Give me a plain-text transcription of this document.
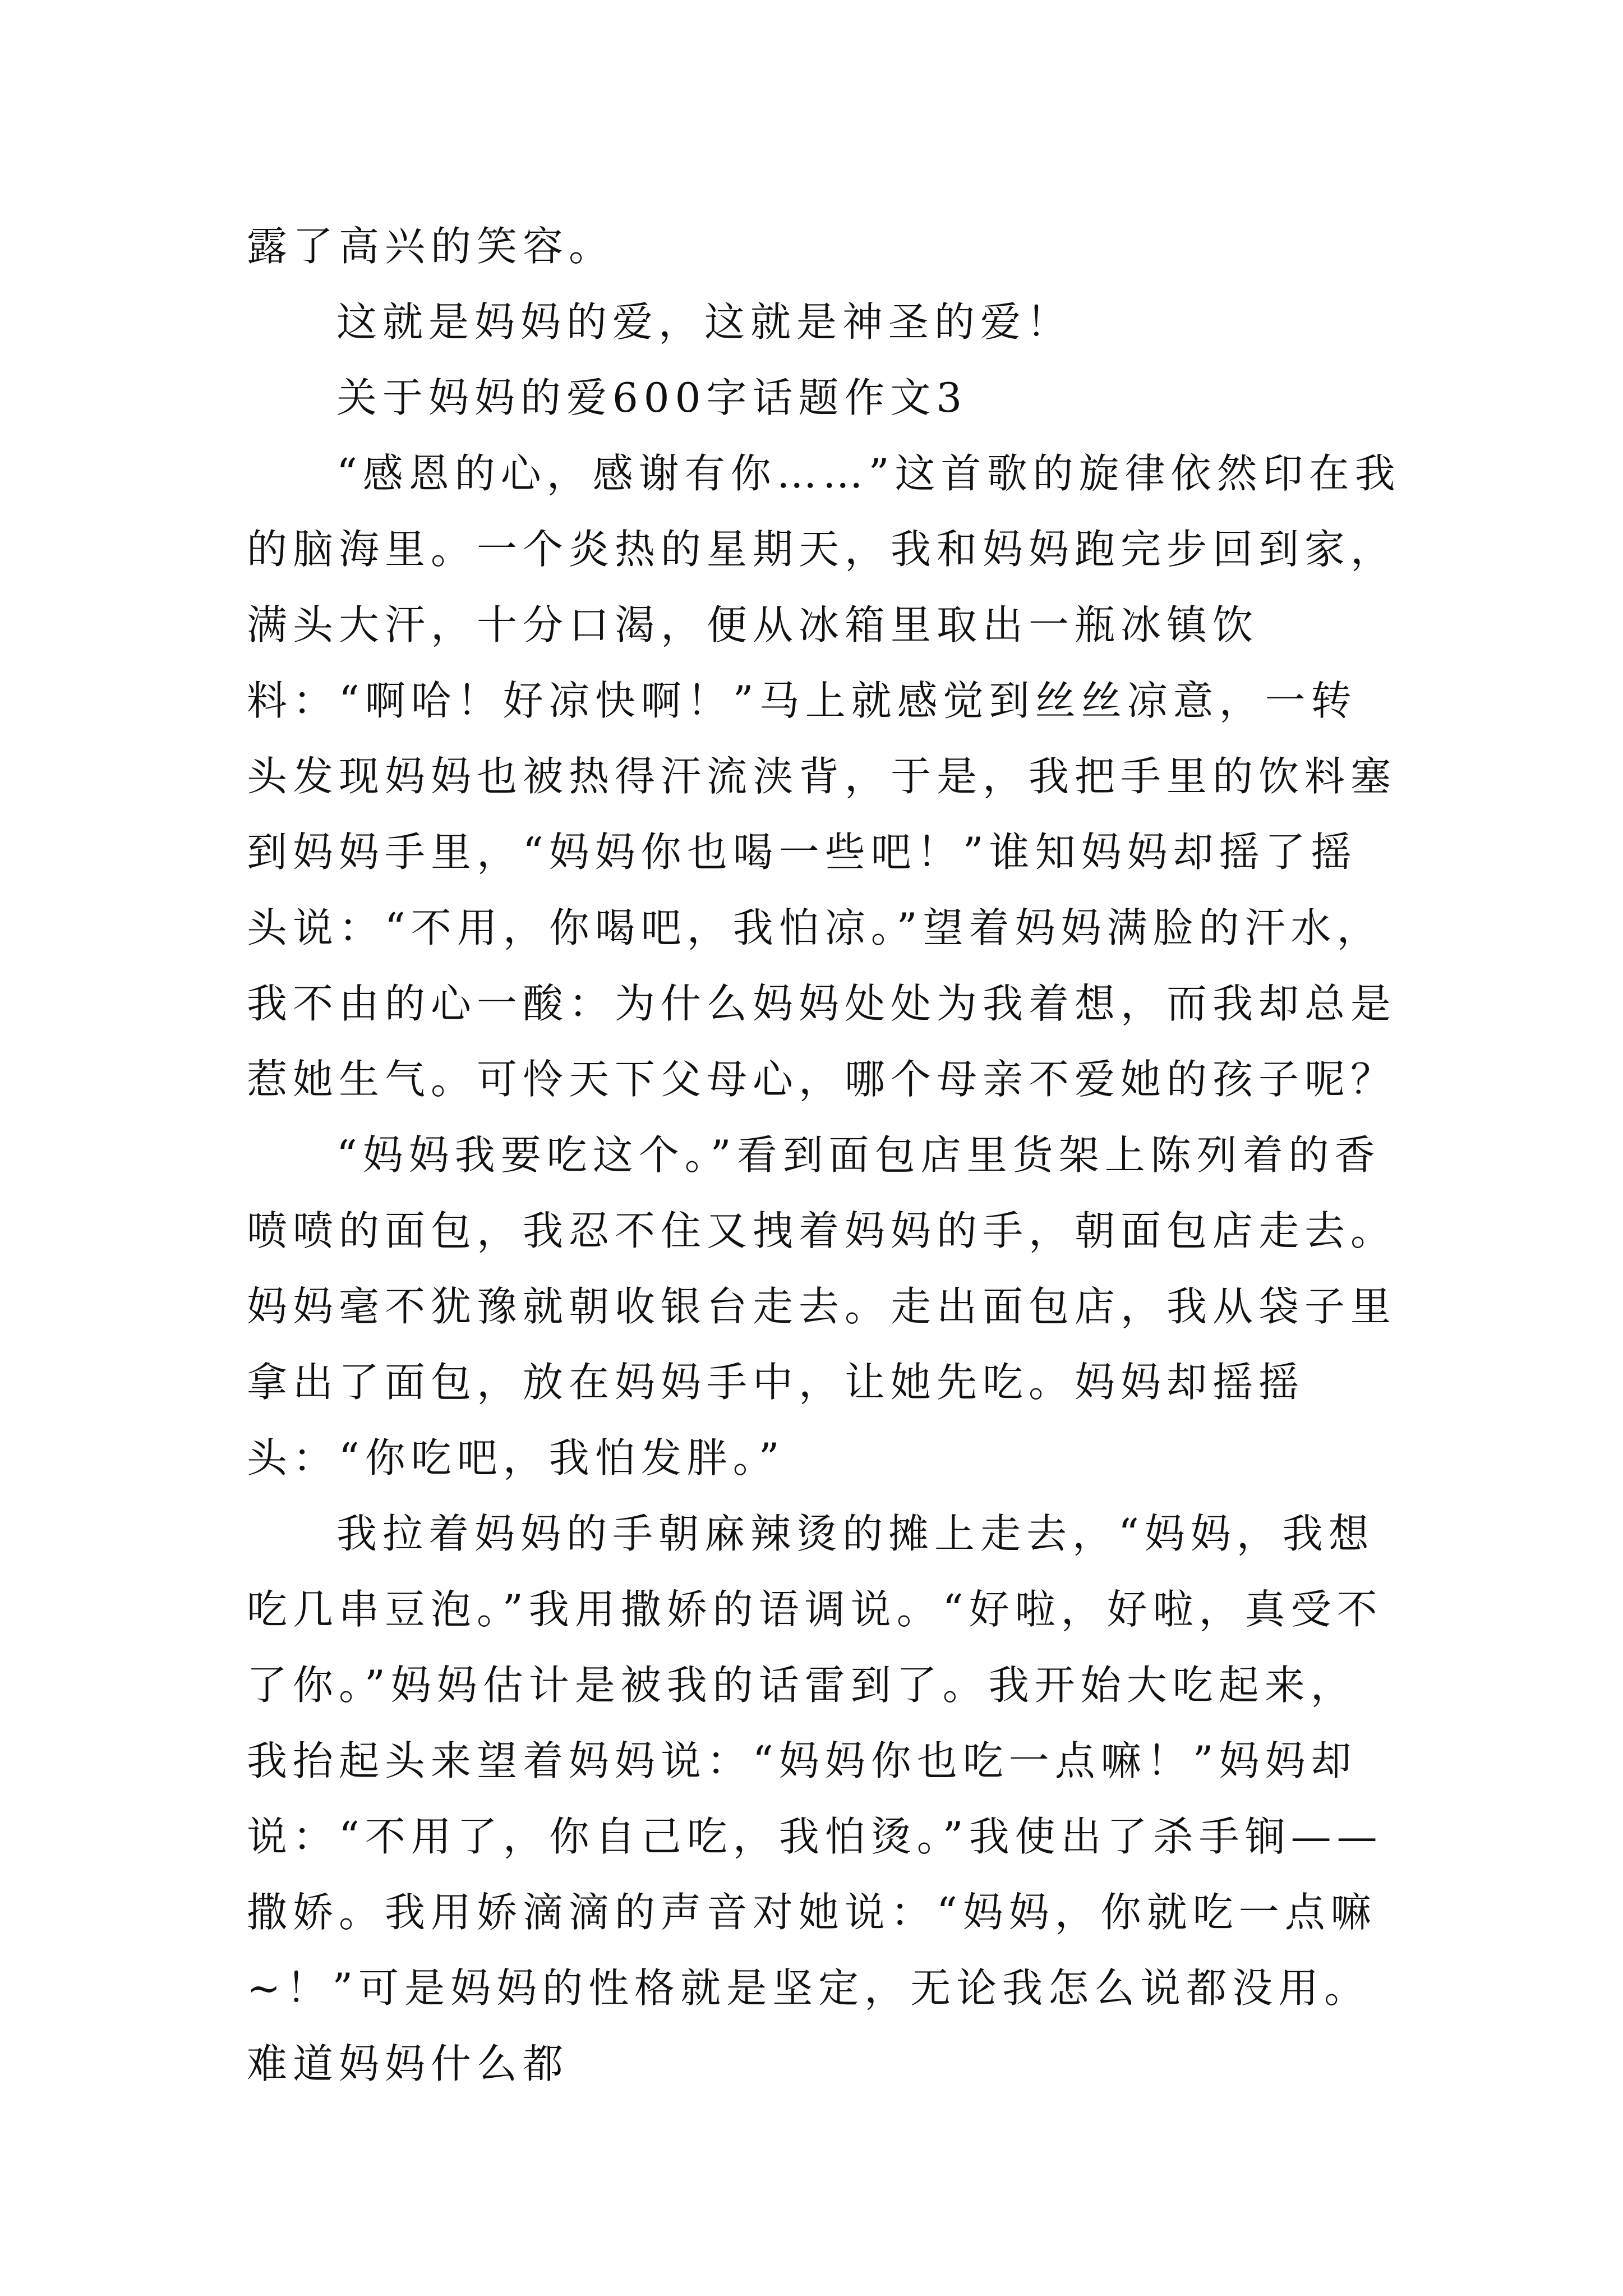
露了高兴的笑容。

这就是妈妈的爱，这就是神圣的爱！

关于妈妈的爱600字话题作文3

“感恩的心，感谢有你……”这首歌的旋律依然印在我的脑海里。一个炎热的星期天，我和妈妈跑完步回到家，满头大汗，十分口渴，便从冰箱里取出一瓶冰镇饮料：“啊哈！好凉快啊！”马上就感觉到丝丝凉意，一转头发现妈妈也被热得汗流浃背，于是，我把手里的饮料塞到妈妈手里，“妈妈你也喝一些吧！”谁知妈妈却摇了摇头说：“不用，你喝吧，我怕凉。”望着妈妈满脸的汗水，我不由的心一酸：为什么妈妈处处为我着想，而我却总是惹她生气。可怜天下父母心，哪个母亲不爱她的孩子呢？

“妈妈我要吃这个。”看到面包店里货架上陈列着的香喷喷的面包，我忍不住又拽着妈妈的手，朝面包店走去。妈妈毫不犹豫就朝收银台走去。走出面包店，我从袋子里拿出了面包，放在妈妈手中，让她先吃。妈妈却摇摇头：“你吃吧，我怕发胖。”

我拉着妈妈的手朝麻辣烫的摊上走去，“妈妈，我想吃几串豆泡。”我用撒娇的语调说。“好啦，好啦，真受不了你。”妈妈估计是被我的话雷到了。我开始大吃起来，我抬起头来望着妈妈说：“妈妈你也吃一点嘛！”妈妈却说：“不用了，你自己吃，我怕烫。”我使出了杀手锏——撒娇。我用娇滴滴的声音对她说：“妈妈，你就吃一点嘛~！”可是妈妈的性格就是坚定，无论我怎么说都没用。难道妈妈什么都
